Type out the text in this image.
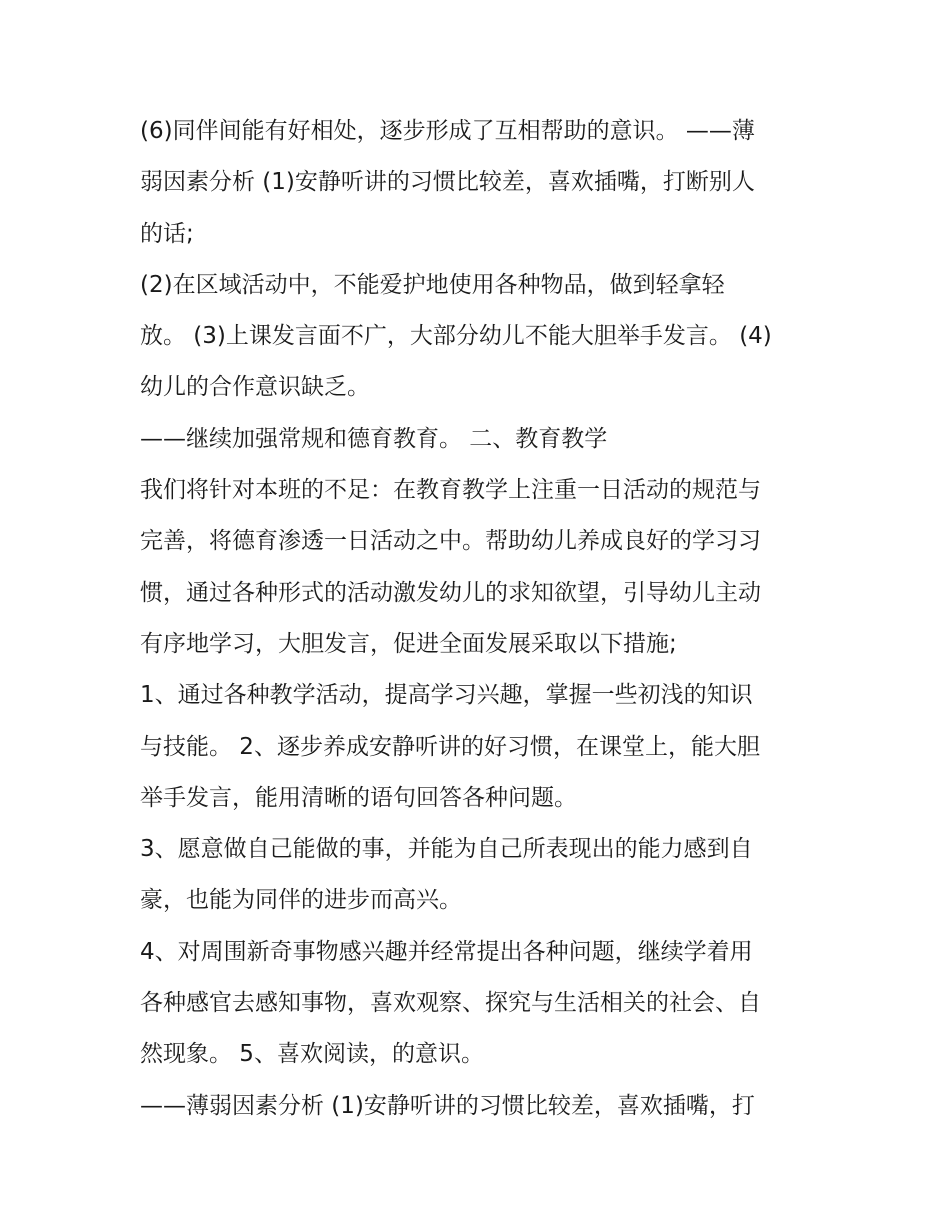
(6)同伴间能有好相处，逐步形成了互相帮助的意识。 ——薄
弱因素分析 (1)安静听讲的习惯比较差，喜欢插嘴，打断别人
的话;
(2)在区域活动中，不能爱护地使用各种物品，做到轻拿轻
放。 (3)上课发言面不广，大部分幼儿不能大胆举手发言。 (4)
幼儿的合作意识缺乏。
——继续加强常规和德育教育。 二、教育教学
我们将针对本班的不足：在教育教学上注重一日活动的规范与
完善，将德育渗透一日活动之中。帮助幼儿养成良好的学习习
惯，通过各种形式的活动激发幼儿的求知欲望，引导幼儿主动
有序地学习，大胆发言，促进全面发展采取以下措施;
1、通过各种教学活动，提高学习兴趣，掌握一些初浅的知识
与技能。 2、逐步养成安静听讲的好习惯，在课堂上，能大胆
举手发言，能用清晰的语句回答各种问题。
3、愿意做自己能做的事，并能为自己所表现出的能力感到自
豪，也能为同伴的进步而高兴。
4、对周围新奇事物感兴趣并经常提出各种问题，继续学着用
各种感官去感知事物，喜欢观察、探究与生活相关的社会、自
然现象。 5、喜欢阅读，的意识。
——薄弱因素分析 (1)安静听讲的习惯比较差，喜欢插嘴，打
